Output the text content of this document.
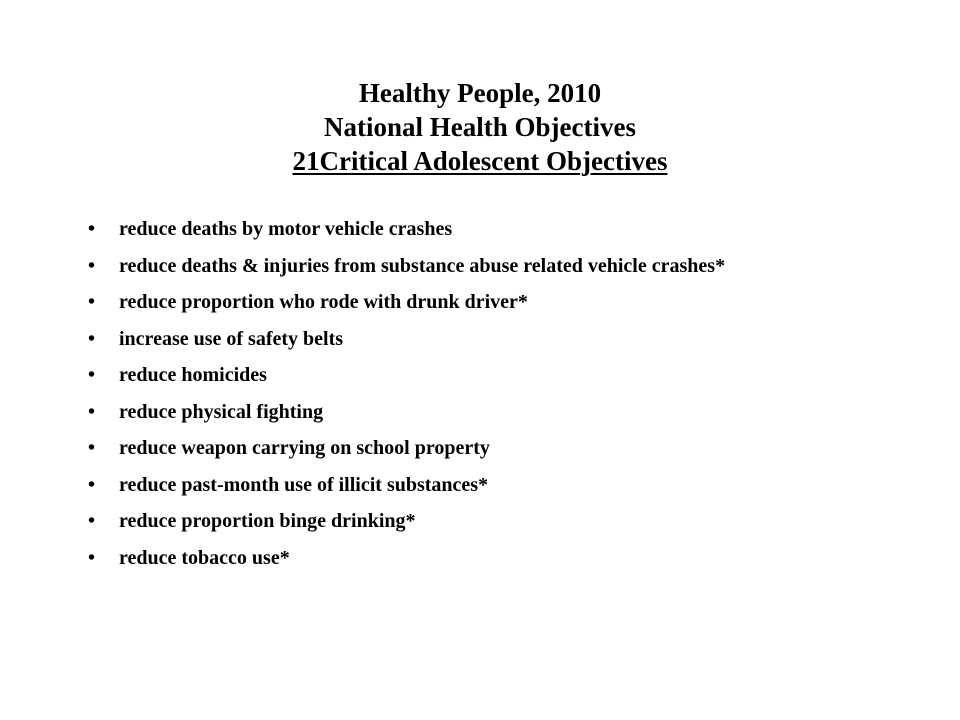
Healthy People, 2010
National Health Objectives
21Critical Adolescent Objectives
• reduce deaths by motor vehicle crashes
• reduce deaths & injuries from substance abuse related vehicle crashes*
• reduce proportion who rode with drunk driver*
• increase use of safety belts
• reduce homicides
• reduce physical fighting
• reduce weapon carrying on school property
• reduce past-month use of illicit substances*
• reduce proportion binge drinking*
• reduce tobacco use*
